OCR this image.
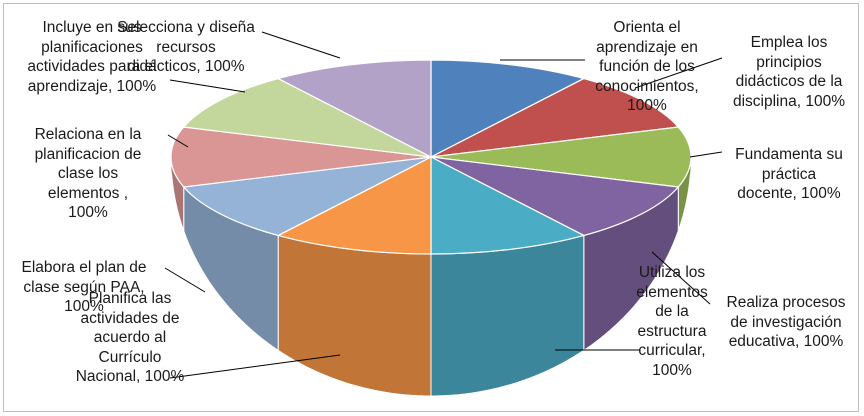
Orienta el
aprendizaje en
función de los
conocimientos,
100%
Emplea los
principios
didácticos de la
disciplina, 100%
Fundamenta su
práctica
docente, 100%
Realiza procesos
de investigación
educativa, 100%
Utiliza los
elementos
de la
estructura
curricular,
100%
Planifica las
actividades de
acuerdo al
Currículo
Nacional, 100%
Elabora el plan de
clase según PAA,
100%
Relaciona en la
planificacion de
clase los
elementos ,
100%
Incluye en sus
planificaciones
actividades para el
aprendizaje, 100%
Selecciona y diseña
recursos
didácticos, 100%
